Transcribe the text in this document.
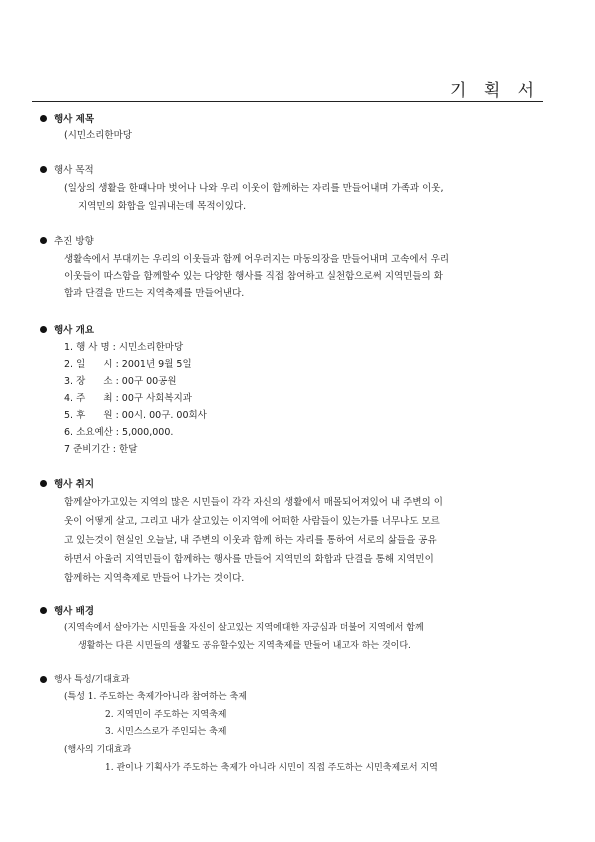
기 획 서
행사 제목
(시민소리한마당
행사 목적
(일상의 생활을 한때나마 벗어나 나와 우리 이웃이 함께하는 자리를 만들어내며 가족과 이웃,
지역민의 화합을 일궈내는데 목적이있다.
추진 방향
생활속에서 부대끼는 우리의 이웃들과 함께 어우러지는 마동의장을 만들어내며 고속에서 우리
이웃들이 따스함을 함께할수 있는 다양한 행사를 직접 참여하고 실천함으로써 지역민들의 화
합과 단결을 만드는 지역축제를 만들어낸다.
행사 개요
1. 행 사 명 : 시민소리한마당
2. 일      시 : 2001년 9월 5일
3. 장      소 : 00구 00공원
4. 주      최 : 00구 사회복지과
5. 후      원 : 00시. 00구. 00회사
6. 소요예산 : 5,000,000.
7 준비기간 : 한달
행사 취지
함께살아가고있는 지역의 많은 시민들이 각각 자신의 생활에서 매몰되어져있어 내 주변의 이
웃이 어떻게 살고, 그리고 내가 살고있는 이지역에 어떠한 사람들이 있는가를 너무나도 모르
고 있는것이 현실인 오늘날, 내 주변의 이웃과 함께 하는 자리를 통하여 서로의 삶들을 공유
하면서 아울러 지역민들이 함께하는 행사를 만들어 지역민의 화합과 단결을 통해 지역민이
함께하는 지역축제로 만들어 나가는 것이다.
행사 배경
(지역속에서 살아가는 시민들을 자신이 살고있는 지역에대한 자긍심과 더불어 지역에서 함께
생활하는 다른 시민들의 생활도 공유할수있는 지역축제를 만들어 내고자 하는 것이다.
행사 특성/기대효과
(특성 1. 주도하는 축제가아니라 참여하는 축제
2. 지역민이 주도하는 지역축제
3. 시민스스로가 주인되는 축제
(행사의 기대효과
1. 관이나 기획사가 주도하는 축제가 아니라 시민이 직접 주도하는 시민축제로서 지역
